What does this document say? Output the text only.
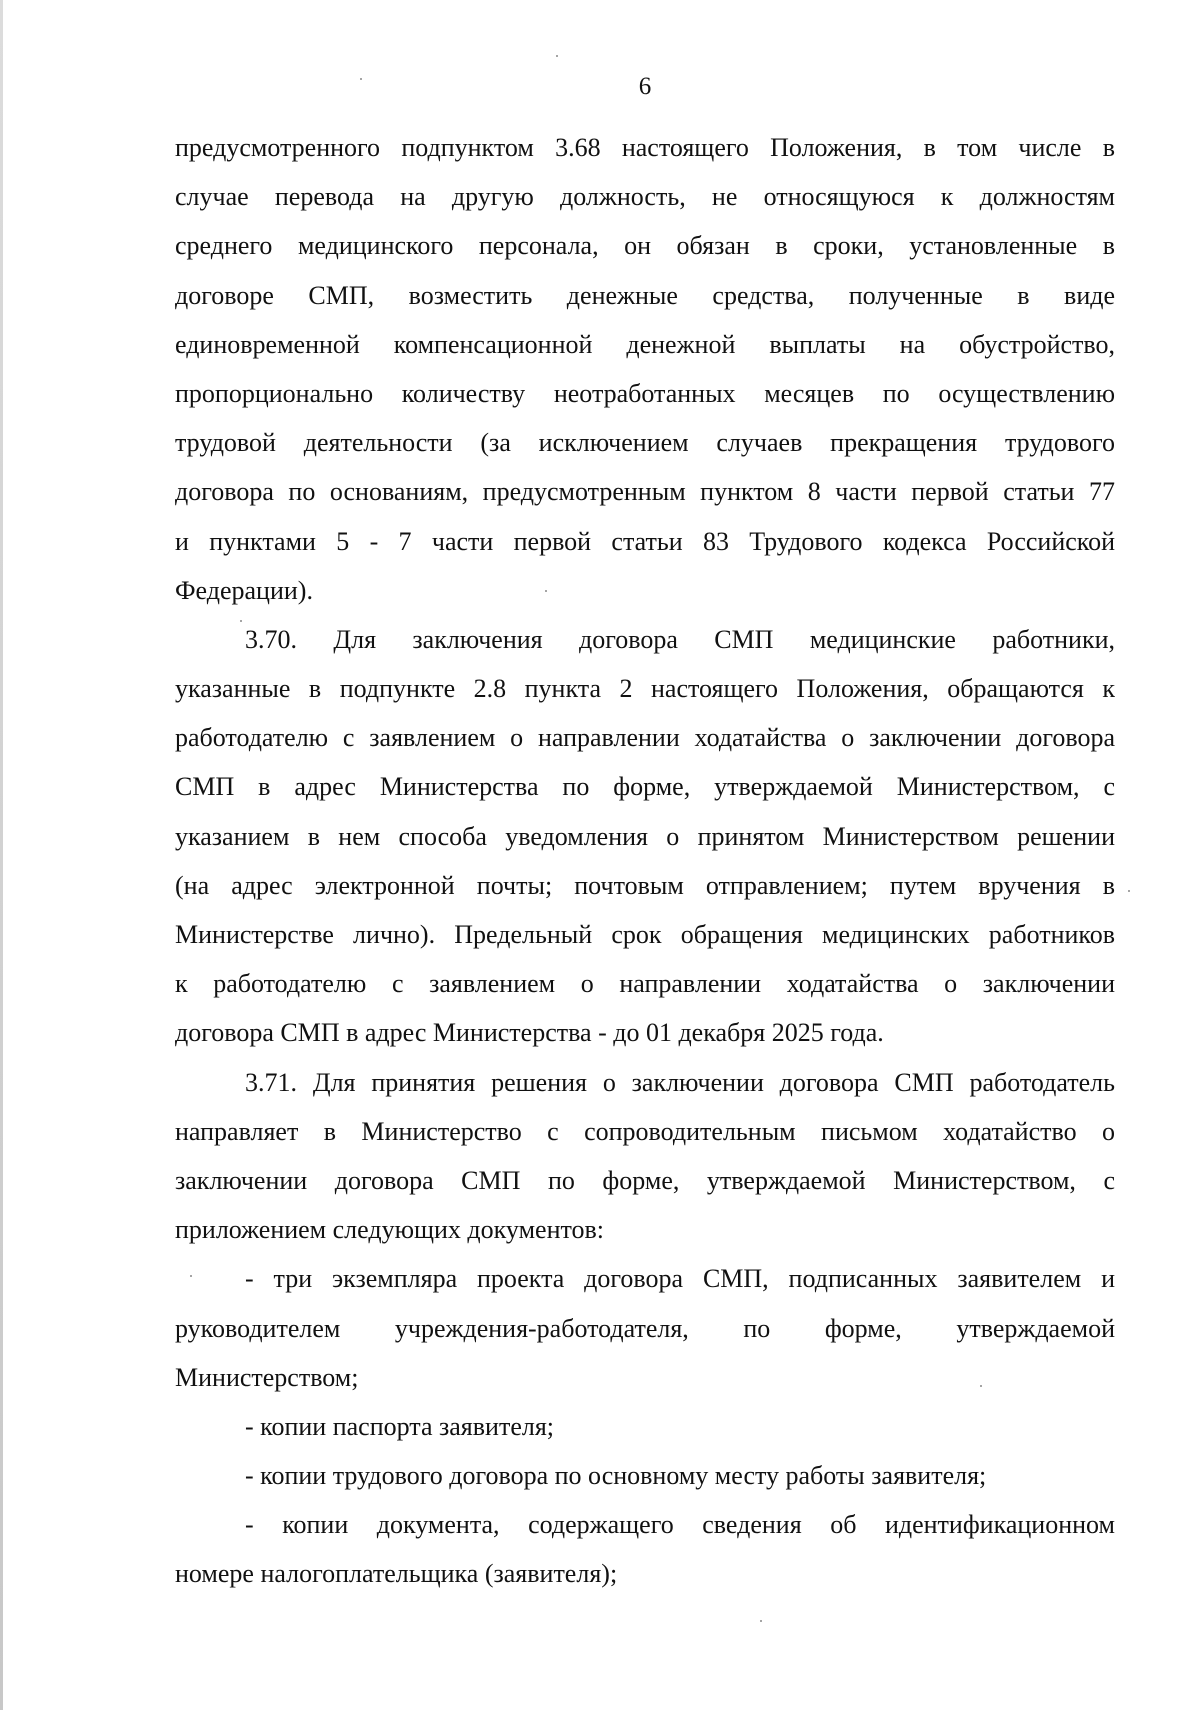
6
предусмотренного подпунктом 3.68 настоящего Положения, в том числе в
случае перевода на другую должность, не относящуюся к должностям
среднего медицинского персонала, он обязан в сроки, установленные в
договоре СМП, возместить денежные средства, полученные в виде
единовременной компенсационной денежной выплаты на обустройство,
пропорционально количеству неотработанных месяцев по осуществлению
трудовой деятельности (за исключением случаев прекращения трудового
договора по основаниям, предусмотренным пунктом 8 части первой статьи 77
и пунктами 5 - 7 части первой статьи 83 Трудового кодекса Российской
Федерации).
3.70. Для заключения договора СМП медицинские работники,
указанные в подпункте 2.8 пункта 2 настоящего Положения, обращаются к
работодателю с заявлением о направлении ходатайства о заключении договора
СМП в адрес Министерства по форме, утверждаемой Министерством, с
указанием в нем способа уведомления о принятом Министерством решении
(на адрес электронной почты; почтовым отправлением; путем вручения в
Министерстве лично). Предельный срок обращения медицинских работников
к работодателю с заявлением о направлении ходатайства о заключении
договора СМП в адрес Министерства - до 01 декабря 2025 года.
3.71. Для принятия решения о заключении договора СМП работодатель
направляет в Министерство с сопроводительным письмом ходатайство о
заключении договора СМП по форме, утверждаемой Министерством, с
приложением следующих документов:
- три экземпляра проекта договора СМП, подписанных заявителем и
руководителем учреждения-работодателя, по форме, утверждаемой
Министерством;
- копии паспорта заявителя;
- копии трудового договора по основному месту работы заявителя;
- копии документа, содержащего сведения об идентификационном
номере налогоплательщика (заявителя);
